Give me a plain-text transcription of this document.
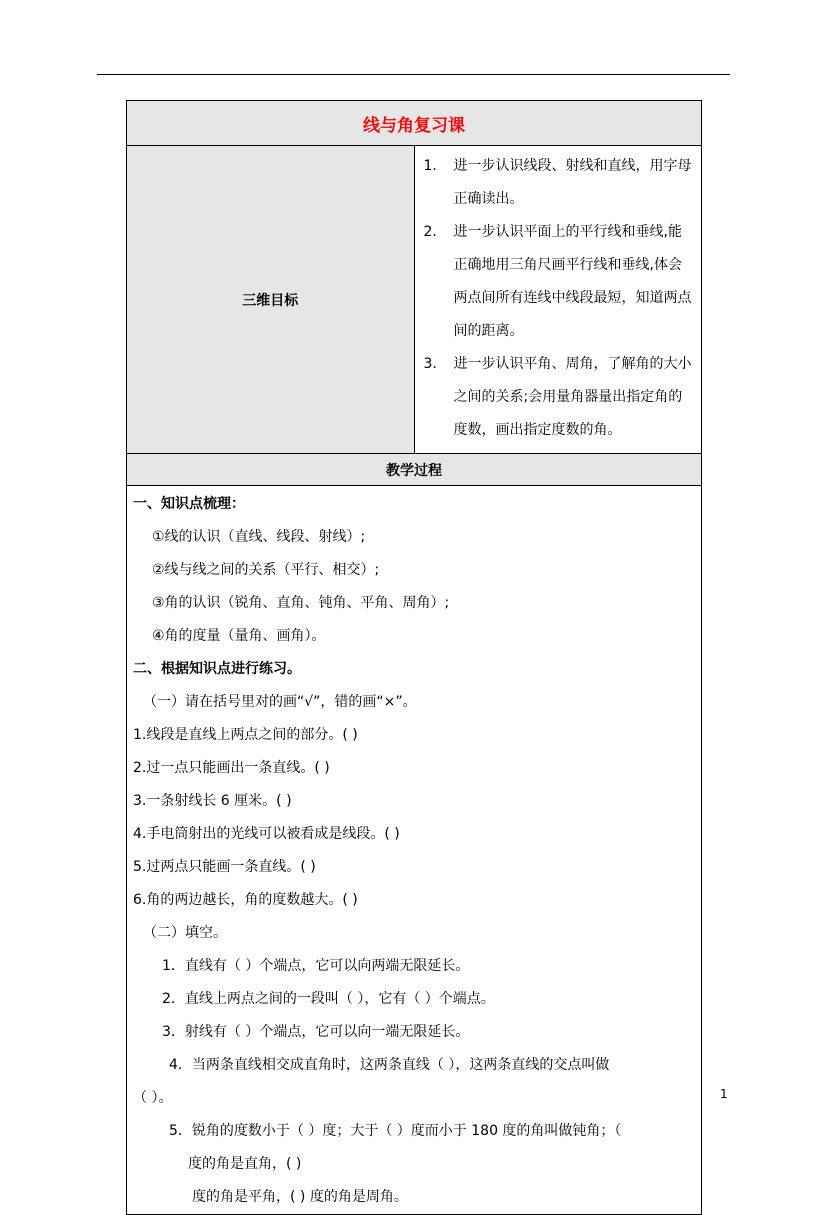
线与角复习课
三维目标	
1.	进一步认识线段、射线和直线，用字母正确读出。
2.	进一步认识平面上的平行线和垂线,能正确地用三角尺画平行线和垂线,体会两点间所有连线中线段最短，知道两点间的距离。
3.	进一步认识平角、周角，了解角的大小之间的关系;会用量角器量出指定角的度数，画出指定度数的角。

教学过程

一、知识点梳理：
①线的认识（直线、线段、射线）;
②线与线之间的关系（平行、相交）;
③角的认识（锐角、直角、钝角、平角、周角）;
④角的度量（量角、画角）。
二、根据知识点进行练习。
（一）请在括号里对的画“√”，错的画“×”。
1.线段是直线上两点之间的部分。( )
2.过一点只能画出一条直线。( )
3.一条射线长 6 厘米。( )
4.手电筒射出的光线可以被看成是线段。( )
5.过两点只能画一条直线。( )
6.角的两边越长，角的度数越大。( )
（二）填空。
1．直线有（ ）个端点，它可以向两端无限延长。
2．直线上两点之间的一段叫（ ），它有（ ）个端点。
3．射线有（ ）个端点，它可以向一端无限延长。
4．当两条直线相交成直角时，这两条直线（ ），这两条直线的交点叫做
（ ）。
5．锐角的度数小于（ ）度；大于（ ）度而小于 180 度的角叫做钝角；（
度的角是直角，( )
度的角是平角，( ) 度的角是周角。
1
